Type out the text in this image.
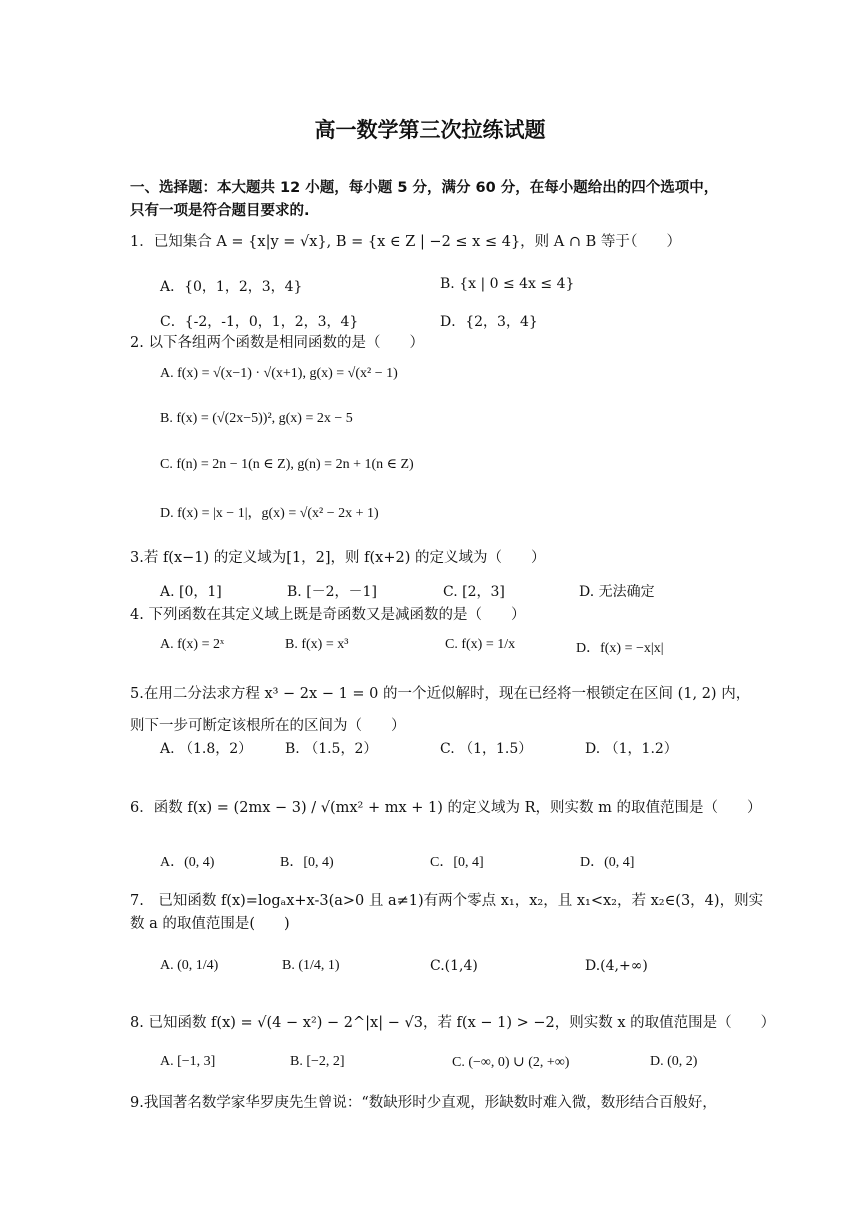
高一数学第三次拉练试题
一、选择题：本大题共 12 小题，每小题 5 分，满分 60 分，在每小题给出的四个选项中，
只有一项是符合题目要求的.
1．已知集合 A = {x|y = √x}, B = {x ∈ Z | −2 ≤ x ≤ 4}，则 A ∩ B 等于
（　　）
A．{0，1，2，3，4}	B. {x | 0 ≤ 4x ≤ 4}
C．{-2，-1，0，1，2，3，4}	D．{2，3，4}
2. 以下各组两个函数是相同函数的是（　　）
A. f(x) = √(x−1) · √(x+1), g(x) = √(x² − 1)
B. f(x) = (√(2x−5))², g(x) = 2x − 5
C. f(n) = 2n − 1(n ∈ Z), g(n) = 2n + 1(n ∈ Z)
D. f(x) = |x − 1|，g(x) = √(x² − 2x + 1)
3.若 f(x−1) 的定义域为[1，2]，则 f(x+2) 的定义域为（　　）
A. [0，1]	B. [－2，－1]	C. [2，3]	D. 无法确定
4. 下列函数在其定义域上既是奇函数又是减函数的是（　　）
A. f(x) = 2ˣ	B. f(x) = x³	C. f(x) = 1/x	D．f(x) = −x|x|
5.在用二分法求方程 x³ − 2x − 1 = 0 的一个近似解时，现在已经将一根锁定在区间 (1, 2) 内，
则下一步可断定该根所在的区间为（　　）
A. （1.8，2） B. （1.5，2）	C. （1，1.5）	D. （1，1.2）
6．函数 f(x) = (2mx − 3) / √(mx² + mx + 1) 的定义域为 R，则实数 m 的取值范围是（　　）
A．(0, 4)	B．[0, 4)	C．[0, 4]	D．(0, 4]
7.　已知函数 f(x)=logₐx+x-3(a>0 且 a≠1)有两个零点 x₁，x₂，且 x₁<x₂，若 x₂∈(3，4)，则实
数 a 的取值范围是(　　)
A. (0, 1/4)	B. (1/4, 1)	C.(1,4)	D.(4,+∞)
8. 已知函数 f(x) = √(4 − x²) − 2^|x| − √3，若 f(x − 1) > −2，则实数 x 的取值范围是（　　）
A. [−1, 3]	B. [−2, 2]	C. (−∞, 0) ∪ (2, +∞)	D. (0, 2)
9.我国著名数学家华罗庚先生曾说：“数缺形时少直观，形缺数时难入微，数形结合百般好，
